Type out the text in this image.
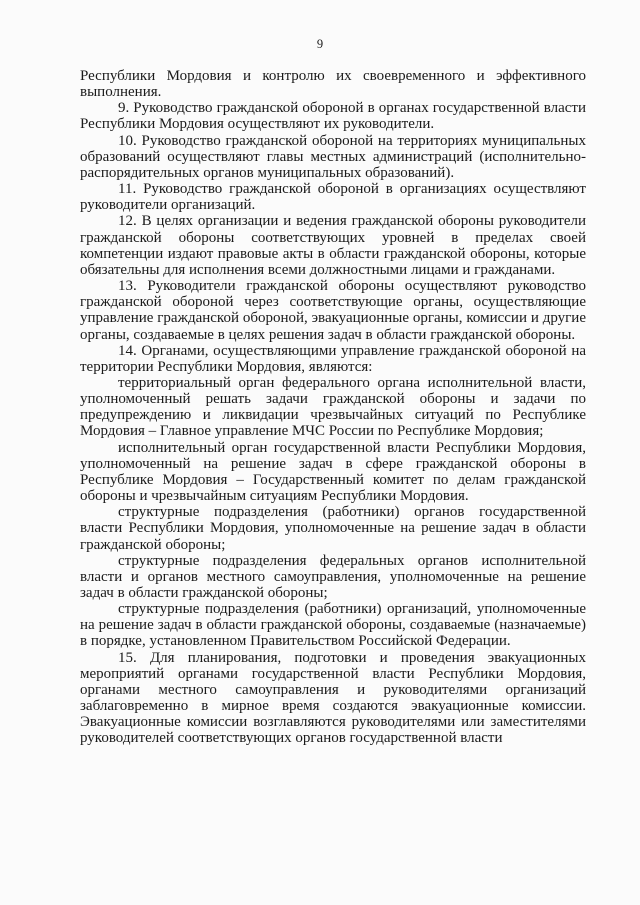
9

Республики Мордовия и контролю их своевременного и эффективного выполнения.

9. Руководство гражданской обороной в органах государственной власти Республики Мордовия осуществляют их руководители.

10. Руководство гражданской обороной на территориях муниципальных образований осуществляют главы местных администраций (исполнительно-распорядительных органов муниципальных образований).

11. Руководство гражданской обороной в организациях осуществляют руководители организаций.

12. В целях организации и ведения гражданской обороны руководители гражданской обороны соответствующих уровней в пределах своей компетенции издают правовые акты в области гражданской обороны, которые обязательны для исполнения всеми должностными лицами и гражданами.

13. Руководители гражданской обороны осуществляют руководство гражданской обороной через соответствующие органы, осуществляющие управление гражданской обороной, эвакуационные органы, комиссии и другие органы, создаваемые в целях решения задач в области гражданской обороны.

14. Органами, осуществляющими управление гражданской обороной на территории Республики Мордовия, являются:

территориальный орган федерального органа исполнительной власти, уполномоченный решать задачи гражданской обороны и задачи по предупреждению и ликвидации чрезвычайных ситуаций по Республике Мордовия – Главное управление МЧС России по Республике Мордовия;

исполнительный орган государственной власти Республики Мордовия, уполномоченный на решение задач в сфере гражданской обороны в Республике Мордовия – Государственный комитет по делам гражданской обороны и чрезвычайным ситуациям Республики Мордовия.

структурные подразделения (работники) органов государственной власти Республики Мордовия, уполномоченные на решение задач в области гражданской обороны;

структурные подразделения федеральных органов исполнительной власти и органов местного самоуправления, уполномоченные на решение задач в области гражданской обороны;

структурные подразделения (работники) организаций, уполномоченные на решение задач в области гражданской обороны, создаваемые (назначаемые) в порядке, установленном Правительством Российской Федерации.

15. Для планирования, подготовки и проведения эвакуационных мероприятий органами государственной власти Республики Мордовия, органами местного самоуправления и руководителями организаций заблаговременно в мирное время создаются эвакуационные комиссии. Эвакуационные комиссии возглавляются руководителями или заместителями руководителей соответствующих органов государственной власти
